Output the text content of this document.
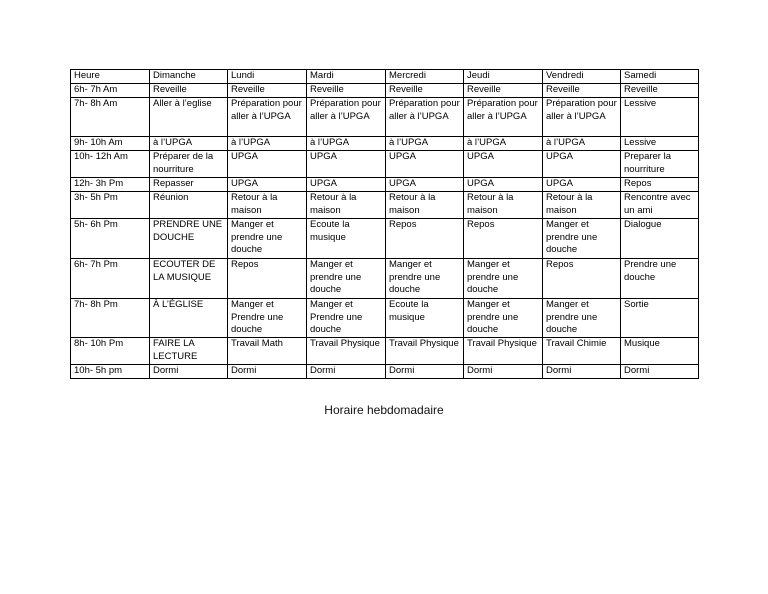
Heure	Dimanche	Lundi	Mardi	Mercredi	Jeudi	Vendredi	Samedi
6h- 7h Am	Reveille	Reveille	Reveille	Reveille	Reveille	Reveille	Reveille
7h- 8h Am	Aller à l’eglise	Préparation pour aller à l’UPGA	Préparation pour aller à l’UPGA	Préparation pour aller à l’UPGA	Préparation pour aller à l’UPGA	Préparation pour aller à l’UPGA	Lessive
9h- 10h Am	à l’UPGA	à l’UPGA	à l’UPGA	à l’UPGA	à l’UPGA	à l’UPGA	Lessive
10h- 12h Am	Préparer de la nourriture	UPGA	UPGA	UPGA	UPGA	UPGA	Preparer la nourriture
12h- 3h Pm	Repasser	UPGA	UPGA	UPGA	UPGA	UPGA	Repos
3h- 5h Pm	Réunion	Retour à la maison	Retour à la maison	Retour à la maison	Retour à la maison	Retour à la maison	Rencontre avec un ami
5h- 6h Pm	PRENDRE UNE DOUCHE	Manger et prendre une douche	Ecoute la musique	Repos	Repos	Manger et prendre une douche	Dialogue
6h- 7h Pm	ECOUTER DE LA MUSIQUE	Repos	Manger et prendre une douche	Manger et prendre une douche	Manger et prendre une douche	Repos	Prendre une douche
7h- 8h Pm	À L’ÉGLISE	Manger et Prendre une douche	Manger et Prendre une douche	Ecoute la musique	Manger et prendre une douche	Manger et prendre une douche	Sortie
8h- 10h Pm	FAIRE LA LECTURE	Travail Math	Travail Physique	Travail Physique	Travail Physique	Travail Chimie	Musique
10h- 5h pm	Dormi	Dormi	Dormi	Dormi	Dormi	Dormi	Dormi
Horaire hebdomadaire
